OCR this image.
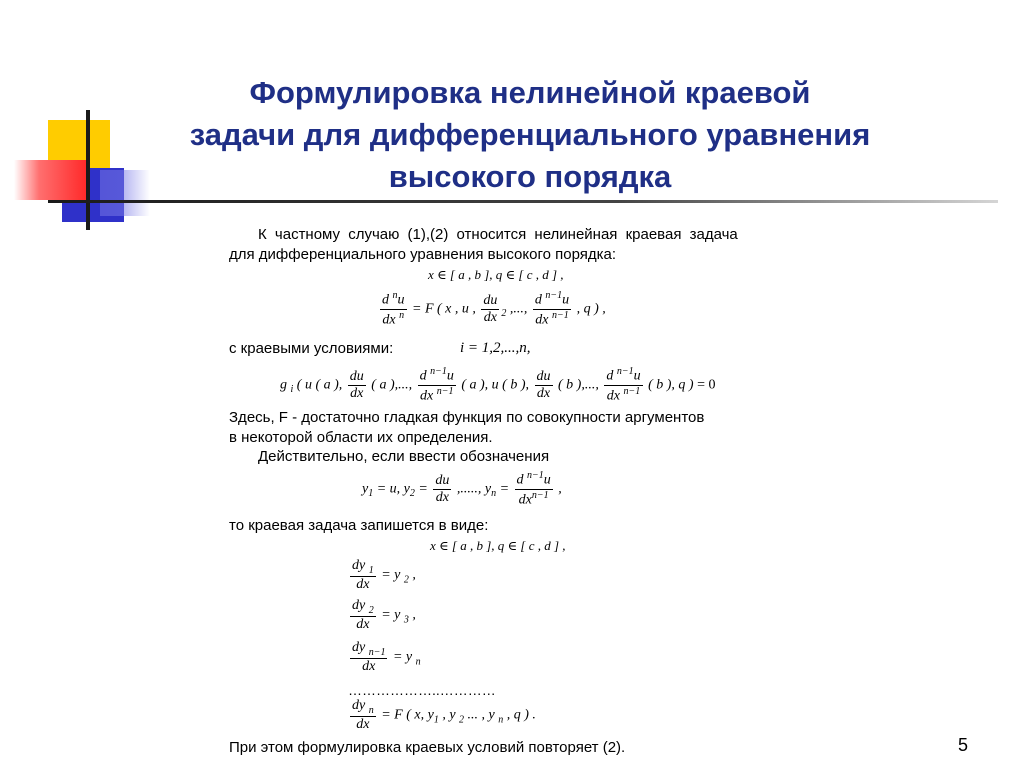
Формулировка нелинейной краевой
задачи для дифференциального уравнения
высокого порядка
К частному случаю (1),(2) относится нелинейная краевая задача
для дифференциального уравнения высокого порядка:
x ∈ [ a , b ], q ∈ [ c , d ] ,
$\frac{d ^nu}{dx ^n} = F$ ( x , u , $\frac{du}{dx} _2$ ,..., $\frac{d ^{n-1}u}{dx ^{n-1}}$ , q ) ,
с краевыми условиями:	i = 1,2,...,n,
g $_i$ ( u ( a ), $\frac{du}{dx}$ ( a ),..., $\frac{d ^{n-1}u}{dx ^{n-1}}$ ( a ), u ( b ), $\frac{du}{dx}$ ( b ),..., $\frac{d ^{n-1}u}{dx ^{n-1}}$ ( b ), q ) = 0
Здесь, F - достаточно гладкая функция по совокупности аргументов
в некоторой области их определения.
Действительно, если ввести обозначения
$y_1 = u$, $y_2 = \frac{du}{dx}$ ,....., $y_n = \frac{d ^{n-1}u}{dx^{n-1}}$ ,
то краевая задача запишется в виде:
x ∈ [ a , b ], q ∈ [ c , d ] ,
$\frac{dy _1}{dx} = y$ $_2$ ,
$\frac{dy _2}{dx} = y$ $_3$ ,
$\frac{dy _{n-1}}{dx} = y$ $_n$
………………..…………
$\frac{dy _n}{dx} = F$ ( x, $y_1$ , y $_2$ ... , y $_n$ , q ) .
При этом формулировка краевых условий повторяет (2).	5
